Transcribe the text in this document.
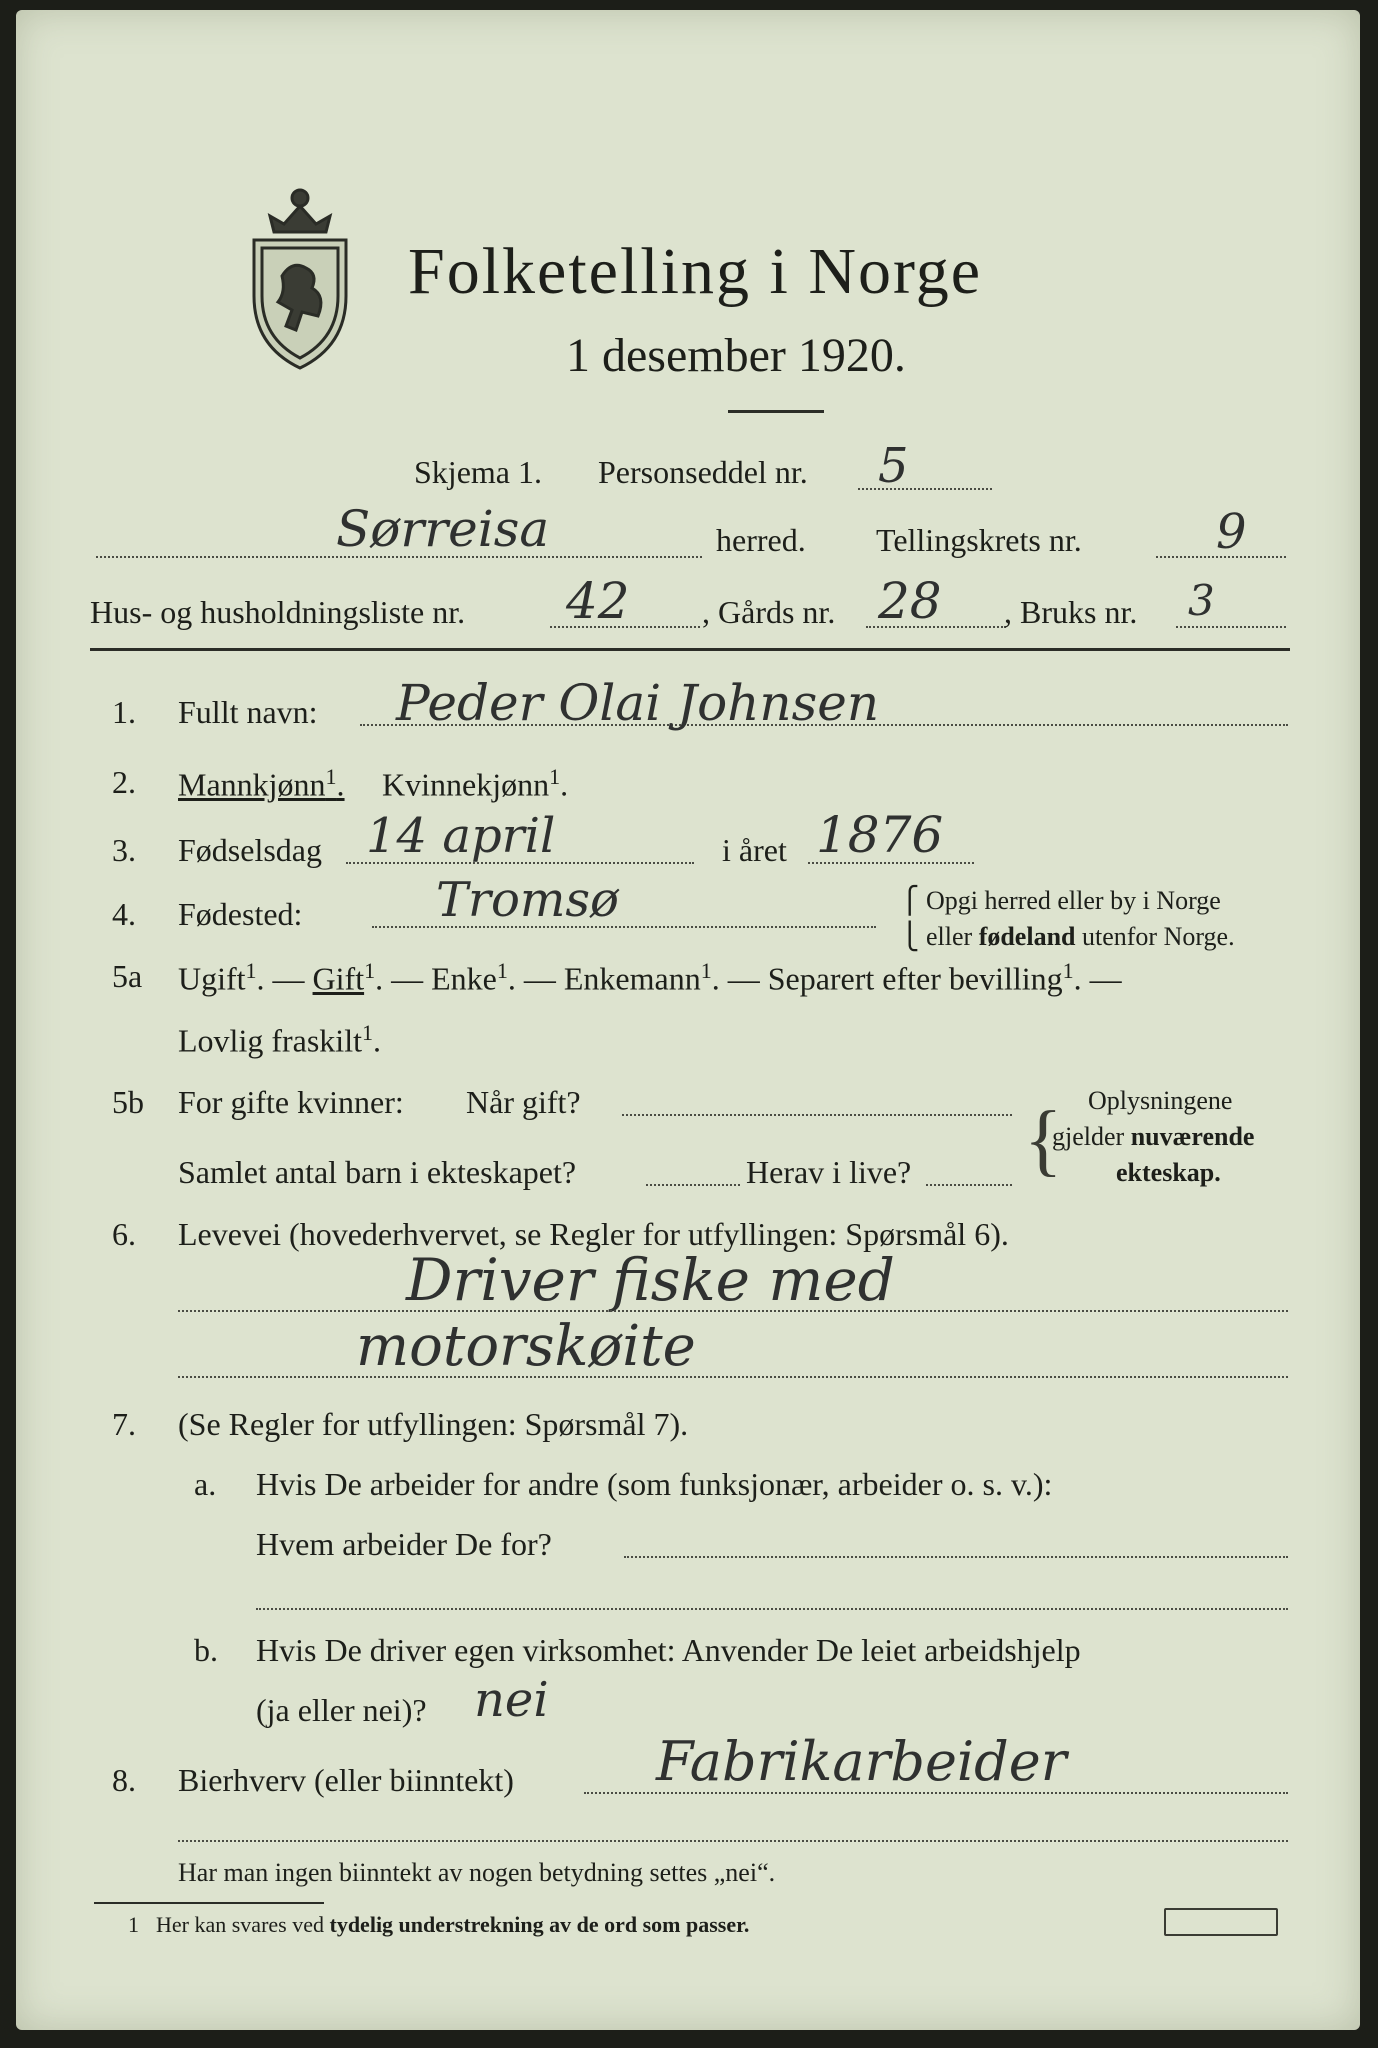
Folketelling i Norge
1 desember 1920.
Skjema 1. Personseddel nr. 5
Sørreisa	herred. Tellingskrets nr.	9
Hus- og husholdningsliste nr. 42 , Gårds nr. 28 , Bruks nr. 3
1. Fullt navn: Peder Olai Johnsen
2. Mannkjønn$^1$. Kvinnekjønn$^1$.
3. Fødselsdag 14 april	i året 1876
4. Fødested:	Tromsø	⎧ Opgi herred eller by i Norge
⎩ eller fødeland utenfor Norge.
5a Ugift$^1$. — Gift$^1$. — Enke$^1$. — Enkemann$^1$. — Separert efter bevilling$^1$. —
Lovlig fraskilt$^1$.
5b For gifte kvinner: Når gift?
Samlet antal barn i ekteskapet?	Herav i live? { Oplysningene
gjelder nuværende
ekteskap.
6. Levevei (hovederhvervet, se Regler for utfyllingen: Spørsmål 6).
Driver fiske med
motorskøite
7. (Se Regler for utfyllingen: Spørsmål 7).
a. Hvis De arbeider for andre (som funksjonær, arbeider o. s. v.):
Hvem arbeider De for?
b. Hvis De driver egen virksomhet: Anvender De leiet arbeidshjelp
(ja eller nei)? nei
8. Bierhverv (eller biinntekt)	Fabrikarbeider
Har man ingen biinntekt av nogen betydning settes „nei“.
1 Her kan svares ved tydelig understrekning av de ord som passer.
